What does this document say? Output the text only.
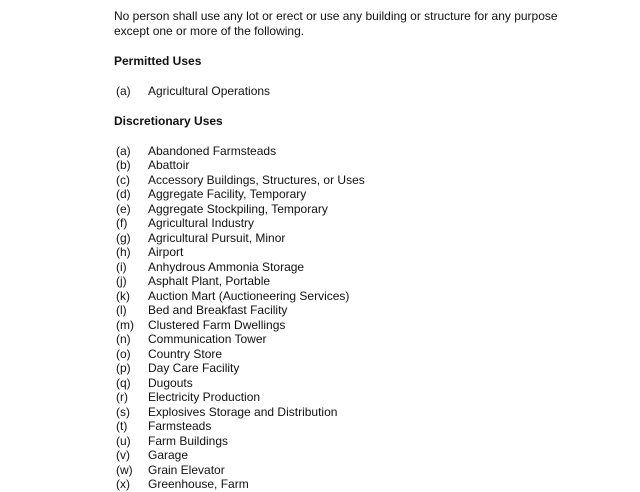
No person shall use any lot or erect or use any building or structure for any purpose except one or more of the following.

Permitted Uses

(a)	Agricultural Operations

Discretionary Uses

(a)	Abandoned Farmsteads
(b)	Abattoir
(c)	Accessory Buildings, Structures, or Uses
(d)	Aggregate Facility, Temporary
(e)	Aggregate Stockpiling, Temporary
(f)	Agricultural Industry
(g)	Agricultural Pursuit, Minor
(h)	Airport
(i)	Anhydrous Ammonia Storage
(j)	Asphalt Plant, Portable
(k)	Auction Mart (Auctioneering Services)
(l)	Bed and Breakfast Facility
(m)	Clustered Farm Dwellings
(n)	Communication Tower
(o)	Country Store
(p)	Day Care Facility
(q)	Dugouts
(r)	Electricity Production
(s)	Explosives Storage and Distribution
(t)	Farmsteads
(u)	Farm Buildings
(v)	Garage
(w)	Grain Elevator
(x)	Greenhouse, Farm
